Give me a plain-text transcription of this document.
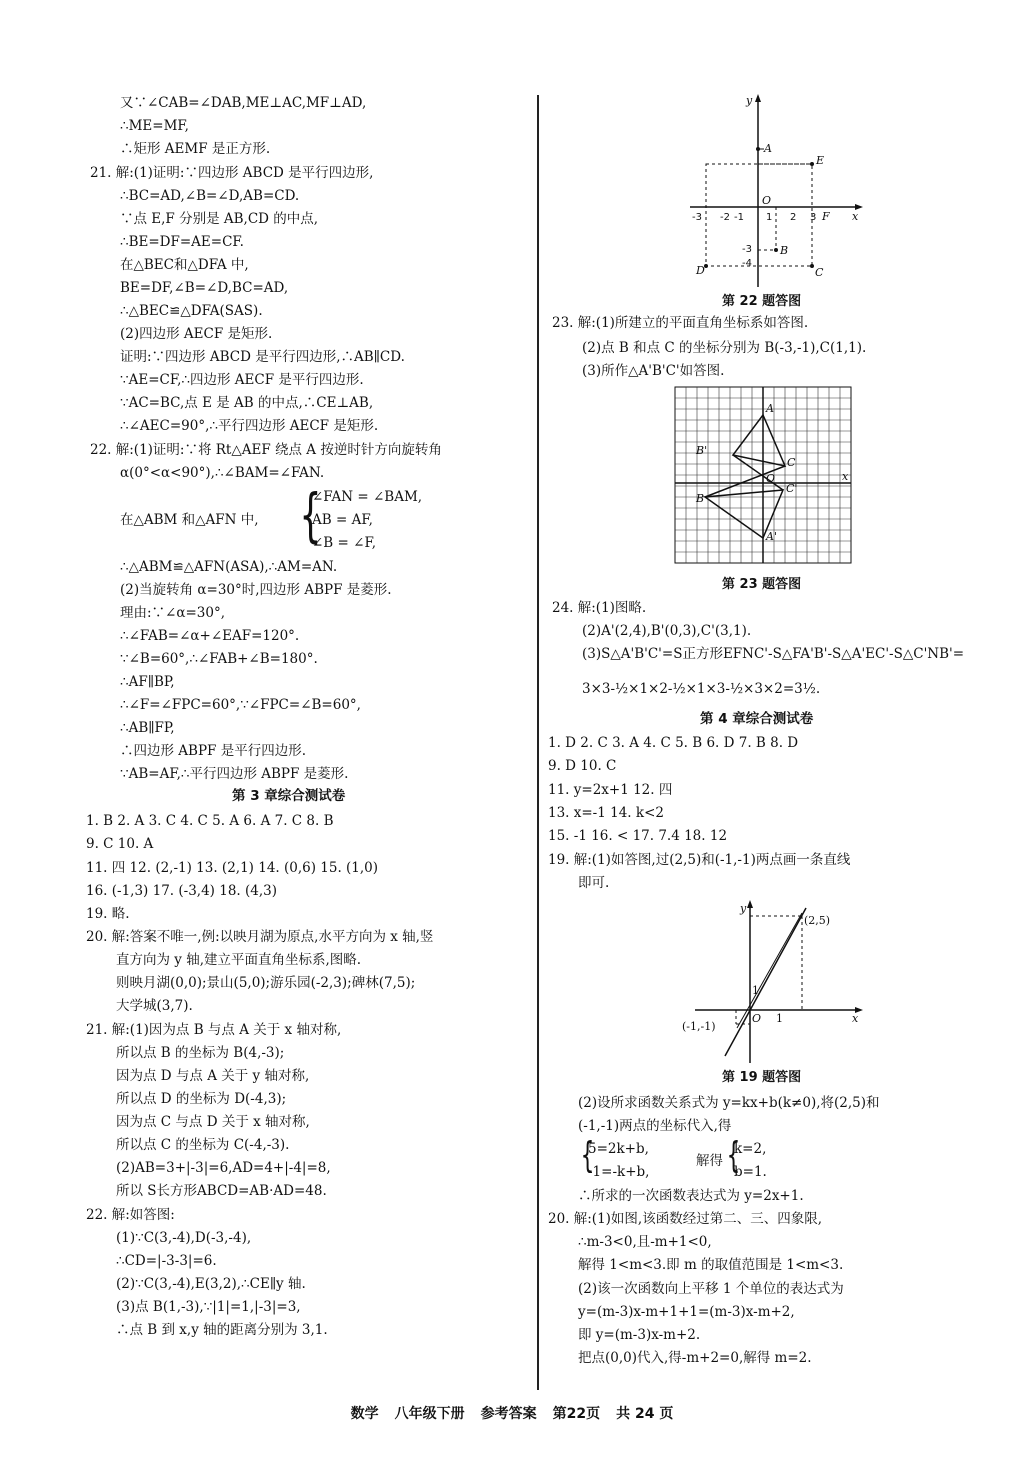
又∵∠CAB=∠DAB,ME⊥AC,MF⊥AD,
∴ME=MF,
∴矩形 AEMF 是正方形.
21. 解:(1)证明:∵四边形 ABCD 是平行四边形,
∴BC=AD,∠B=∠D,AB=CD.
∵点 E,F 分别是 AB,CD 的中点,
∴BE=DF=AE=CF.
在△BEC和△DFA 中,
BE=DF,∠B=∠D,BC=AD,
∴△BEC≌△DFA(SAS).
(2)四边形 AECF 是矩形.
证明:∵四边形 ABCD 是平行四边形,∴AB∥CD.
∵AE=CF,∴四边形 AECF 是平行四边形.
∵AC=BC,点 E 是 AB 的中点,∴CE⊥AB,
∴∠AEC=90°,∴平行四边形 AECF 是矩形.
22. 解:(1)证明:∵将 Rt△AEF 绕点 A 按逆时针方向旋转角
α(0°<α<90°),∴∠BAM=∠FAN.
∠FAN = ∠BAM,
在△ABM 和△AFN 中,	AB = AF,
∠B = ∠F,
∴△ABM≌△AFN(ASA),∴AM=AN.
(2)当旋转角 α=30°时,四边形 ABPF 是菱形.
理由:∵∠α=30°,
∴∠FAB=∠α+∠EAF=120°.
∵∠B=60°,∴∠FAB+∠B=180°.
∴AF∥BP,
∴∠F=∠FPC=60°,∵∠FPC=∠B=60°,
∴AB∥FP,
∴四边形 ABPF 是平行四边形.
∵AB=AF,∴平行四边形 ABPF 是菱形.
1. B 2. A 3. C 4. C 5. A 6. A 7. C 8. B
9. C 10. A
11. 四 12. (2,-1) 13. (2,1) 14. (0,6) 15. (1,0)
16. (-1,3) 17. (-3,4) 18. (4,3)
19. 略.
20. 解:答案不唯一,例:以映月湖为原点,水平方向为 x 轴,竖
直方向为 y 轴,建立平面直角坐标系,图略.
则映月湖(0,0);景山(5,0);游乐园(-2,3);碑林(7,5);
大学城(3,7).
21. 解:(1)因为点 B 与点 A 关于 x 轴对称,
所以点 B 的坐标为 B(4,-3);
因为点 D 与点 A 关于 y 轴对称,
所以点 D 的坐标为 D(-4,3);
因为点 C 与点 D 关于 x 轴对称,
所以点 C 的坐标为 C(-4,-3).
(2)AB=3+|-3|=6,AD=4+|-4|=8,
所以 S长方形ABCD=AB·AD=48.
22. 解:如答图:
(1)∵C(3,-4),D(-3,-4),
∴CD=|-3-3|=6.
(2)∵C(3,-4),E(3,2),∴CE∥y 轴.
(3)点 B(1,-3),∵|1|=1,|-3|=3,
∴点 B 到 x,y 轴的距离分别为 3,1.
23. 解:(1)所建立的平面直角坐标系如答图.
(2)点 B 和点 C 的坐标分别为 B(-3,-1),C(1,1).
(3)所作△A'B'C'如答图.
24. 解:(1)图略.
(2)A'(2,4),B'(0,3),C'(3,1).
(3)S△A'B'C'=S正方形EFNC'-S△FA'B'-S△A'EC'-S△C'NB'=
3×3-½×1×2-½×1×3-½×3×2=3½.
1. D 2. C 3. A 4. C 5. B 6. D 7. B 8. D
9. D 10. C
11. y=2x+1 12. 四
13. x=-1 14. k<2
15. -1 16. < 17. 7.4 18. 12
19. 解:(1)如答图,过(2,5)和(-1,-1)两点画一条直线
即可.
(2)设所求函数关系式为 y=kx+b(k≠0),将(2,5)和
(-1,-1)两点的坐标代入,得
5=2k+b,
解得
k=2,
-1=-k+b,	b=1.
∴所求的一次函数表达式为 y=2x+1.
20. 解:(1)如图,该函数经过第二、三、四象限,
∴m-3<0,且-m+1<0,
解得 1<m<3.即 m 的取值范围是 1<m<3.
(2)该一次函数向上平移 1 个单位的表达式为
y=(m-3)x-m+1+1=(m-3)x-m+2,
即 y=(m-3)x-m+2.
把点(0,0)代入,得-m+2=0,解得 m=2.
{
{	{
y
A
E
O
x
B
D	C
F
-3 -2 -1 1 2 3
-3
-4
第 22 题答图
A
B'
C
O
C'
B
A'
x
第 23 题答图
y
(2,5)
1
(-1,-1)
O 1	x
第 19 题答图
第 3 章综合测试卷
第 4 章综合测试卷
数学 八年级下册 参考答案 第22页 共 24 页
